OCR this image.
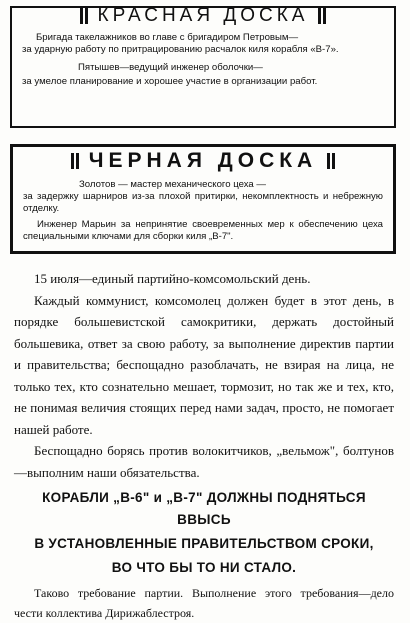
КРАСНАЯ ДОСКА
Бригада такелажников во главе с бригадиром Петровым—
за ударную работу по притрацированию расчалок киля корабля «В-7».
Пятышев—ведущий инженер оболочки—
за умелое планирование и хорошее участие в организации работ.
ЧЕРНАЯ ДОСКА
Золотов — мастер механического цеха —
за задержку шарниров из-за плохой притирки, некомплектность и небрежную отделку.
Инженер Марьин за непринятие своевременных мер к обеспечению цеха специальными ключами для сборки киля „В-7".

15 июля—единый партийно-комсомольский день.

Каждый коммунист, комсомолец должен будет в этот день, в порядке большевистской самокритики, держать достойный большевика, ответ за свою работу, за выполнение директив партии и правительства; беспощадно разоблачать, не взирая на лица, не только тех, кто сознательно мешает, тормозит, но так же и тех, кто, не понимая величия стоящих перед нами задач, просто, не помогает нашей работе.

Беспощадно борясь против волокитчиков, „вельмож", болтунов—выполним наши обязательства.

КОРАБЛИ „В-6" и „В-7" ДОЛЖНЫ ПОДНЯТЬСЯ ВВЫСЬ
В УСТАНОВЛЕННЫЕ ПРАВИТЕЛЬСТВОМ СРОКИ,
ВО ЧТО БЫ ТО НИ СТАЛО.

Таково требование партии. Выполнение этого требования—дело чести коллектива Дирижаблестроя.
